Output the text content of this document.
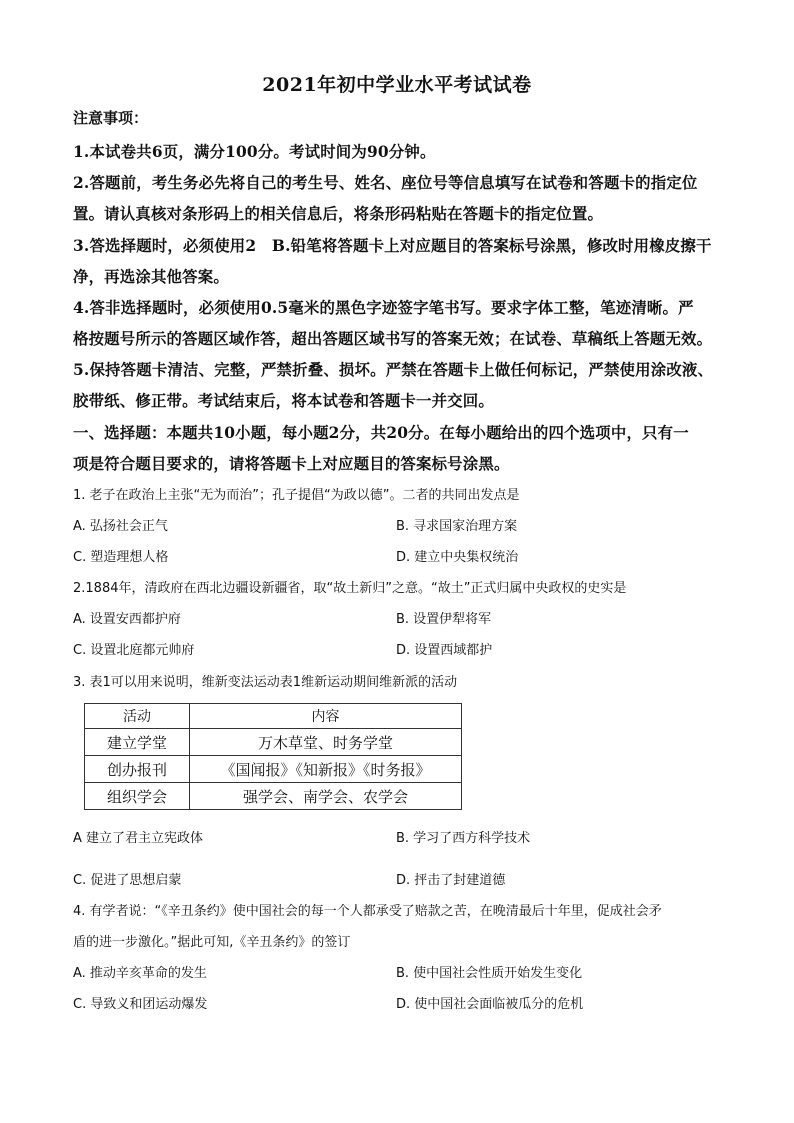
2021年初中学业水平考试试卷
注意事项：
1.本试卷共6页，满分100分。考试时间为90分钟。
2.答题前，考生务必先将自己的考生号、姓名、座位号等信息填写在试卷和答题卡的指定位
置。请认真核对条形码上的相关信息后，将条形码粘贴在答题卡的指定位置。
3.答选择题时，必须使用2　B.铅笔将答题卡上对应题目的答案标号涂黑，修改时用橡皮擦干
净，再选涂其他答案。
4.答非选择题时，必须使用0.5毫米的黑色字迹签字笔书写。要求字体工整，笔迹清晰。严
格按题号所示的答题区域作答，超出答题区域书写的答案无效；在试卷、草稿纸上答题无效。
5.保持答题卡清洁、完整，严禁折叠、损坏。严禁在答题卡上做任何标记，严禁使用涂改液、
胶带纸、修正带。考试结束后，将本试卷和答题卡一并交回。
一、选择题：本题共10小题，每小题2分，共20分。在每小题给出的四个选项中，只有一
项是符合题目要求的，请将答题卡上对应题目的答案标号涂黑。
1. 老子在政治上主张“无为而治”；孔子提倡“为政以德”。二者的共同出发点是
A. 弘扬社会正气	B. 寻求国家治理方案
C. 塑造理想人格	D. 建立中央集权统治
2.1884年，清政府在西北边疆设新疆省，取“故土新归”之意。“故土”正式归属中央政权的史实是
A. 设置安西都护府	B. 设置伊犁将军
C. 设置北庭都元帅府	D. 设置西域都护
3. 表1可以用来说明，维新变法运动表1维新运动期间维新派的活动
活动	内容
建立学堂	万木草堂、时务学堂
创办报刊	《国闻报》《知新报》《时务报》
组织学会	强学会、南学会、农学会
A 建立了君主立宪政体	B. 学习了西方科学技术
C. 促进了思想启蒙	D. 抨击了封建道德
4. 有学者说：“《辛丑条约》使中国社会的每一个人都承受了赔款之苦，在晚清最后十年里，促成社会矛
盾的进一步激化。”据此可知,《辛丑条约》的签订
A. 推动辛亥革命的发生	B. 使中国社会性质开始发生变化
C. 导致义和团运动爆发	D. 使中国社会面临被瓜分的危机
